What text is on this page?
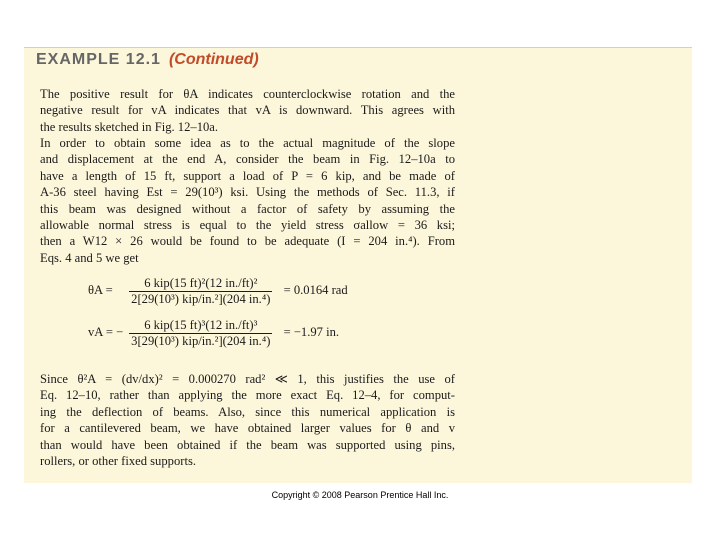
EXAMPLE 12.1 (Continued)
The positive result for θA indicates counterclockwise rotation and the
negative result for vA indicates that vA is downward. This agrees with
the results sketched in Fig. 12–10a.
In order to obtain some idea as to the actual magnitude of the slope
and displacement at the end A, consider the beam in Fig. 12–10a to
have a length of 15 ft, support a load of P = 6 kip, and be made of
A-36 steel having Est = 29(10³) ksi. Using the methods of Sec. 11.3, if
this beam was designed without a factor of safety by assuming the
allowable normal stress is equal to the yield stress σallow = 36 ksi;
then a W12 × 26 would be found to be adequate (I = 204 in.⁴). From
Eqs. 4 and 5 we get
$\theta A = \frac{\text{6 kip(15 ft)²(12 in./ft)²}}{\text{2[29(10³) kip/in.²](204 in.⁴)}} = 0.0164$ rad
vA = − $\frac{\text{6 kip(15 ft)³(12 in./ft)³}}{\text{3[29(10³) kip/in.²](204 in.⁴)}} = -1.97$ in.
Since θ²A = (dv/dx)² = 0.000270 rad² ≪ 1, this justifies the use of
Eq. 12–10, rather than applying the more exact Eq. 12–4, for comput-
ing the deflection of beams. Also, since this numerical application is
for a cantilevered beam, we have obtained larger values for θ and v
than would have been obtained if the beam was supported using pins,
rollers, or other fixed supports.
Copyright © 2008 Pearson Prentice Hall Inc.
